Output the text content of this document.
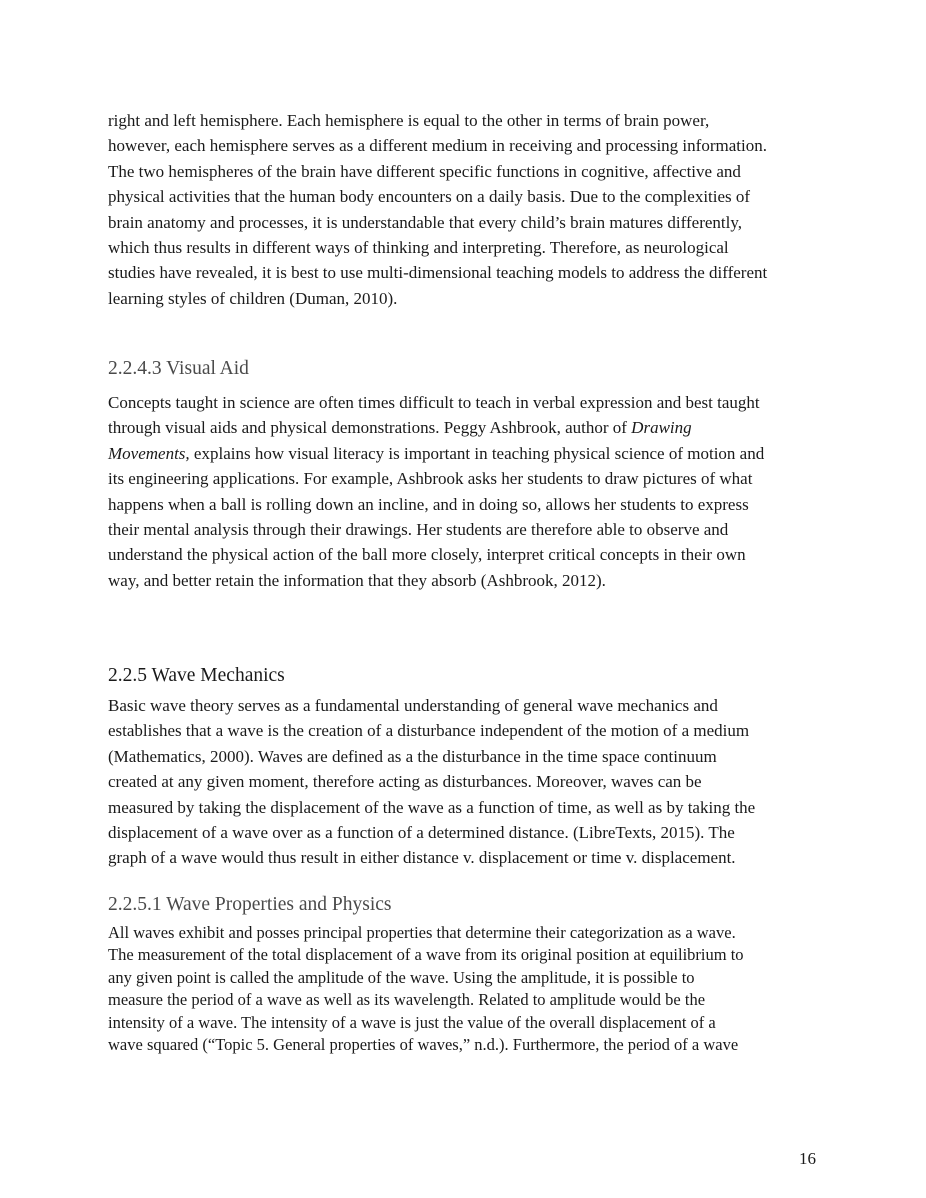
right and left hemisphere. Each hemisphere is equal to the other in terms of brain power,
however, each hemisphere serves as a different medium in receiving and processing information.
The two hemispheres of the brain have different specific functions in cognitive, affective and
physical activities that the human body encounters on a daily basis. Due to the complexities of
brain anatomy and processes, it is understandable that every child’s brain matures differently,
which thus results in different ways of thinking and interpreting. Therefore, as neurological
studies have revealed, it is best to use multi-dimensional teaching models to address the different
learning styles of children (Duman, 2010).

2.2.4.3 Visual Aid

Concepts taught in science are often times difficult to teach in verbal expression and best taught
through visual aids and physical demonstrations. Peggy Ashbrook, author of Drawing
Movements, explains how visual literacy is important in teaching physical science of motion and
its engineering applications. For example, Ashbrook asks her students to draw pictures of what
happens when a ball is rolling down an incline, and in doing so, allows her students to express
their mental analysis through their drawings. Her students are therefore able to observe and
understand the physical action of the ball more closely, interpret critical concepts in their own
way, and better retain the information that they absorb (Ashbrook, 2012).

2.2.5 Wave Mechanics

Basic wave theory serves as a fundamental understanding of general wave mechanics and
establishes that a wave is the creation of a disturbance independent of the motion of a medium
(Mathematics, 2000). Waves are defined as a the disturbance in the time space continuum
created at any given moment, therefore acting as disturbances. Moreover, waves can be
measured by taking the displacement of the wave as a function of time, as well as by taking the
displacement of a wave over as a function of a determined distance. (LibreTexts, 2015). The
graph of a wave would thus result in either distance v. displacement or time v. displacement.

2.2.5.1 Wave Properties and Physics

All waves exhibit and posses principal properties that determine their categorization as a wave.
The measurement of the total displacement of a wave from its original position at equilibrium to
any given point is called the amplitude of the wave. Using the amplitude, it is possible to
measure the period of a wave as well as its wavelength. Related to amplitude would be the
intensity of a wave. The intensity of a wave is just the value of the overall displacement of a
wave squared (“Topic 5. General properties of waves,” n.d.). Furthermore, the period of a wave

16
